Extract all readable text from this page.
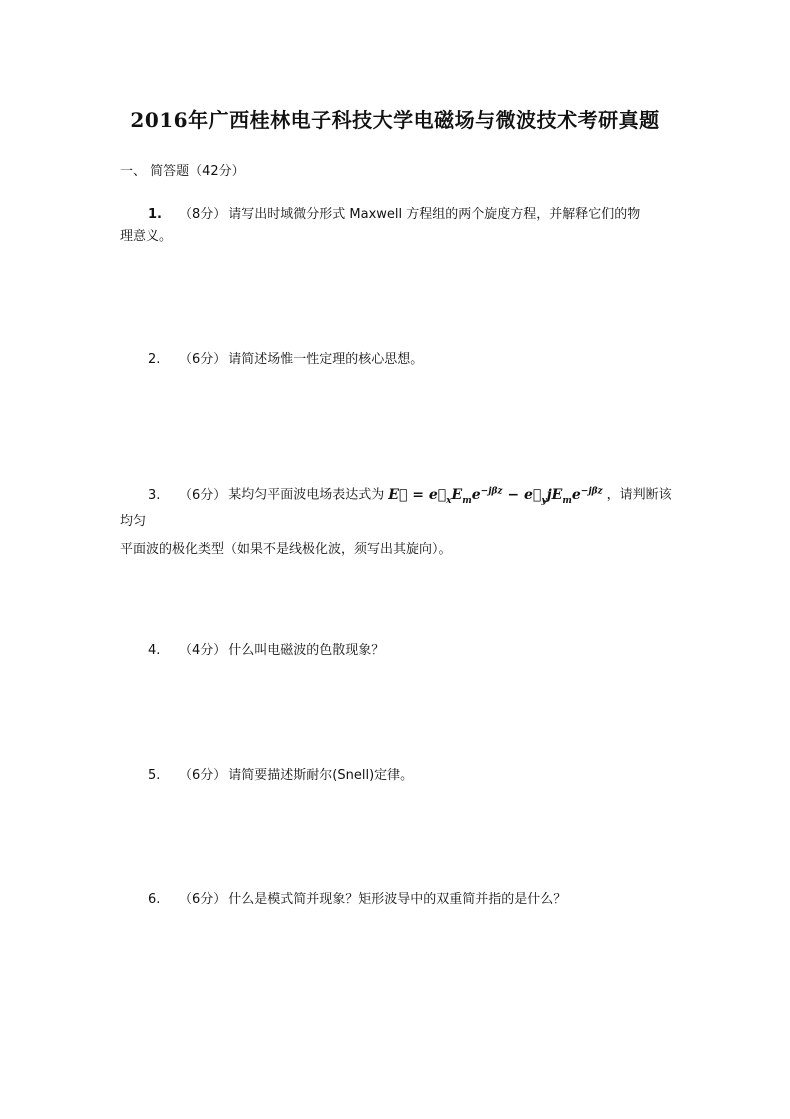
2016年广西桂林电子科技大学电磁场与微波技术考研真题
一、 简答题（42分）
1. （8分） 请写出时域微分形式 Maxwell 方程组的两个旋度方程，并解释它们的物
理意义。
2. （6分） 请简述场惟一性定理的核心思想。
3. （6分） 某均匀平面波电场表达式为 E⃗ = $e⃗_xE_me^{-j\beta z}$ − $e⃗_yjE_me^{-j\beta z}$ ，请判断该均匀
平面波的极化类型（如果不是线极化波，须写出其旋向）。
4. （4分） 什么叫电磁波的色散现象？
5. （6分） 请简要描述斯耐尔(Snell)定律。
6. （6分） 什么是模式简并现象？矩形波导中的双重简并指的是什么？
